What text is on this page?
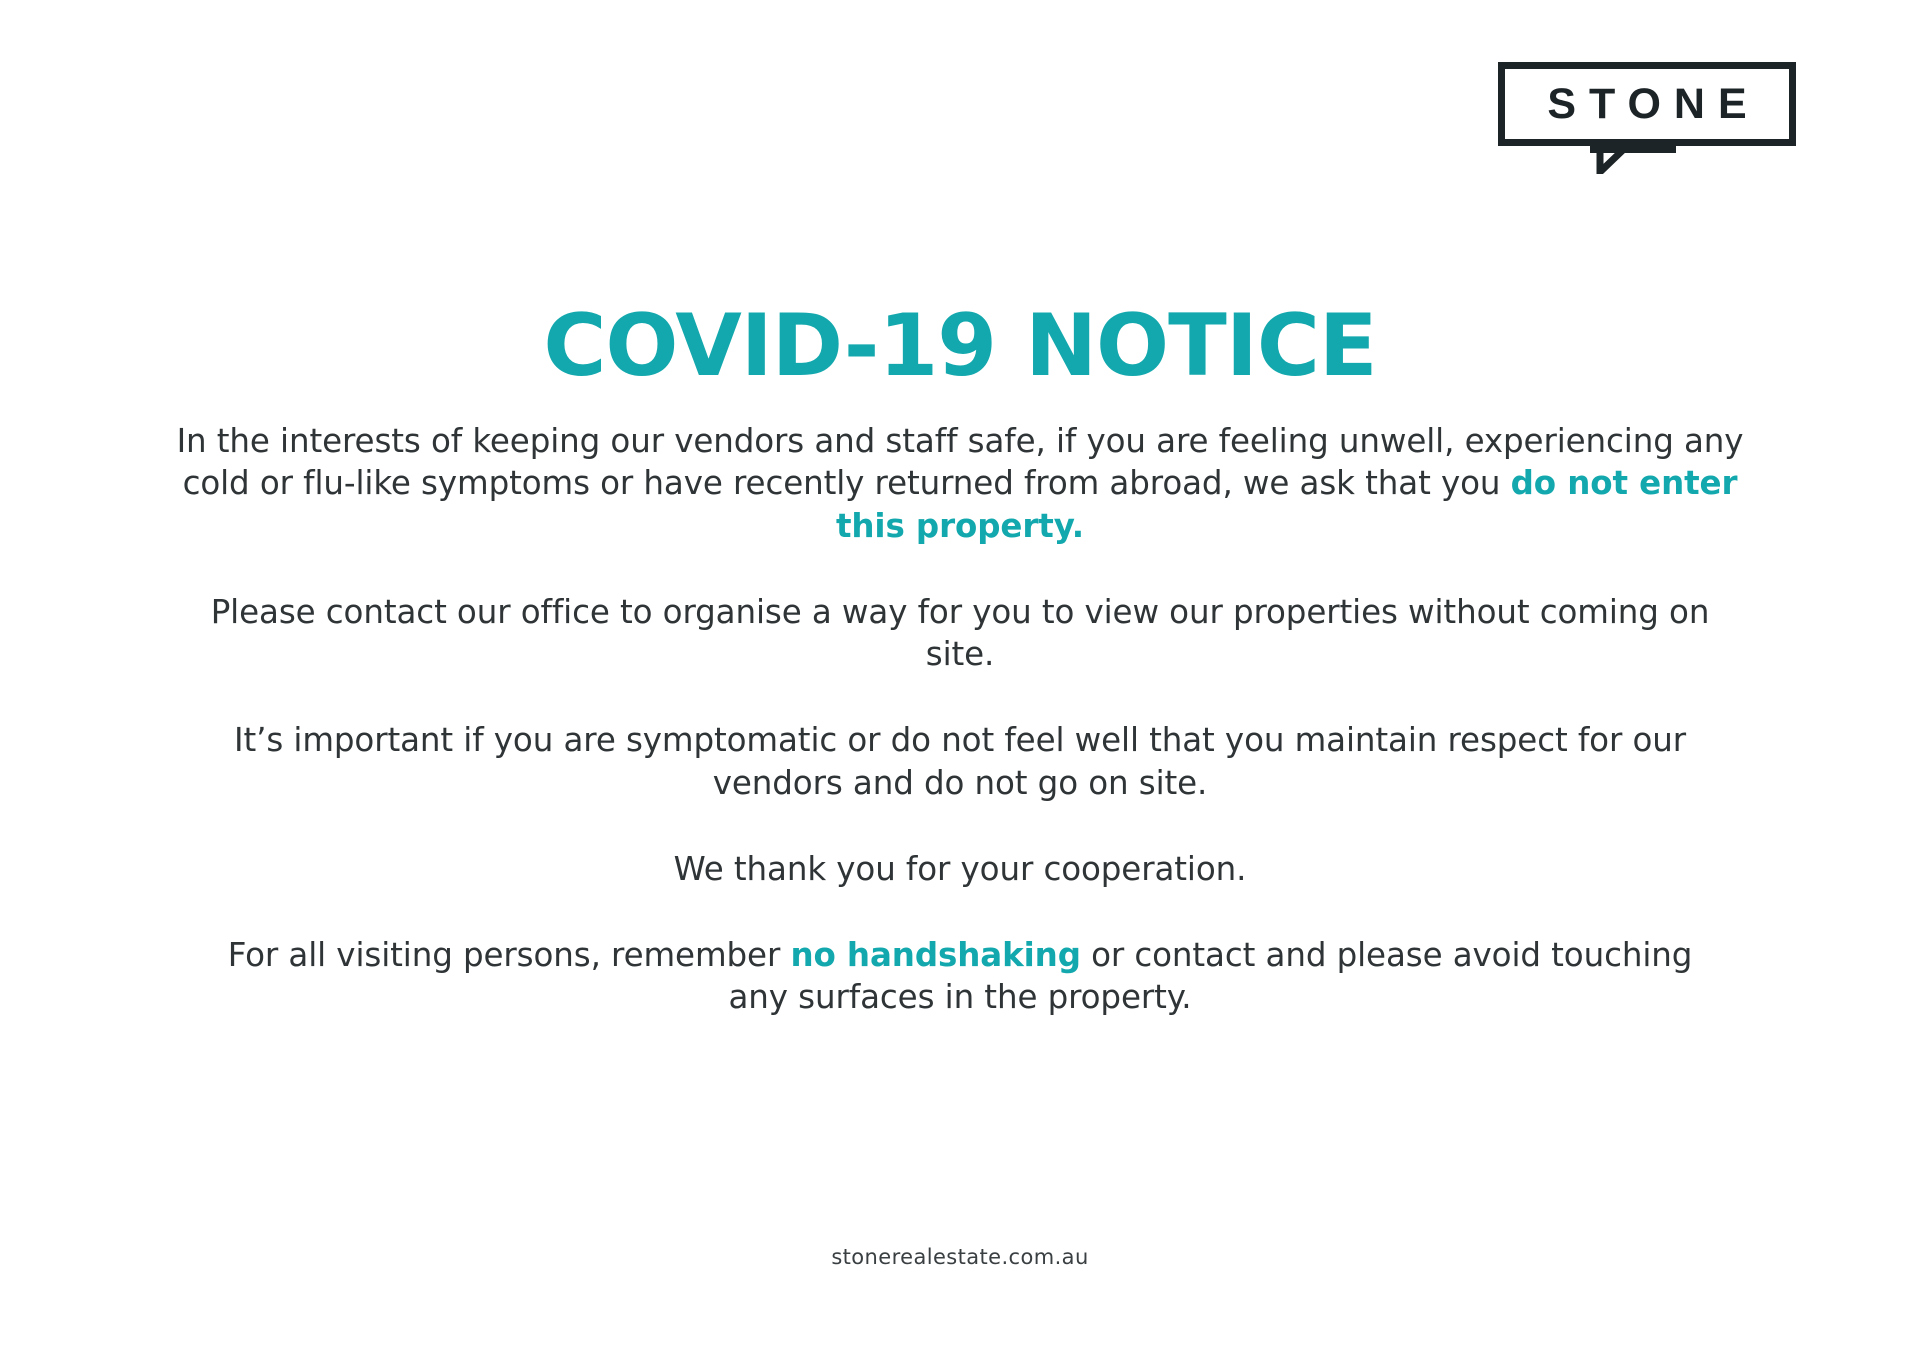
STONE
COVID-19 NOTICE

In the interests of keeping our vendors and staff safe, if you are feeling unwell, experiencing any cold or flu-like symptoms or have recently returned from abroad, we ask that you do not enter this property.

Please contact our office to organise a way for you to view our properties without coming on site.

It’s important if you are symptomatic or do not feel well that you maintain respect for our vendors and do not go on site.

We thank you for your cooperation.

For all visiting persons, remember no handshaking or contact and please avoid touching any surfaces in the property.

stonerealestate.com.au
